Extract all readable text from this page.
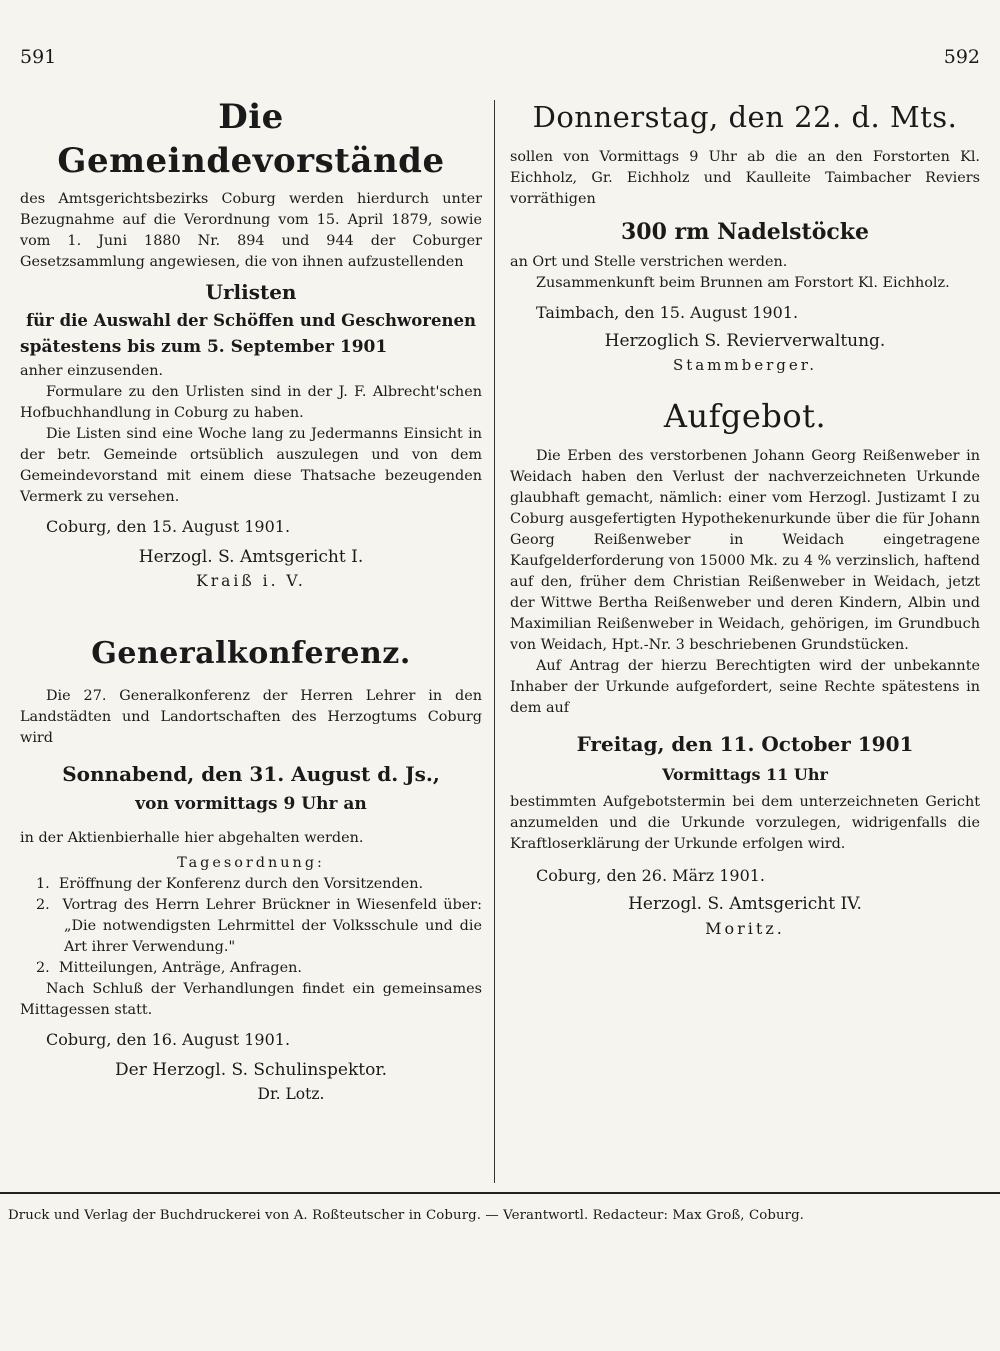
591	592

Die Gemeindevorstände

des Amtsgerichtsbezirks Coburg werden hierdurch unter Bezugnahme auf die Verordnung vom 15. April 1879, sowie vom 1. Juni 1880 Nr. 894 und 944 der Coburger Gesetzsammlung angewiesen, die von ihnen aufzustellenden

Urlisten

für die Auswahl der Schöffen und Geschworenen

spätestens bis zum 5. September 1901

anher einzusenden.

Formulare zu den Urlisten sind in der J. F. Albrecht'schen Hofbuchhandlung in Coburg zu haben.

Die Listen sind eine Woche lang zu Jedermanns Einsicht in der betr. Gemeinde ortsüblich auszulegen und von dem Gemeindevorstand mit einem diese Thatsache bezeugenden Vermerk zu versehen.

Coburg, den 15. August 1901.

Herzogl. S. Amtsgericht I.

Kraiß i. V.

Generalkonferenz.

Die 27. Generalkonferenz der Herren Lehrer in den Landstädten und Landortschaften des Herzogtums Coburg wird

Sonnabend, den 31. August d. Js.,

von vormittags 9 Uhr an

in der Aktienbierhalle hier abgehalten werden.

Tagesordnung:

1. Eröffnung der Konferenz durch den Vorsitzenden.

2. Vortrag des Herrn Lehrer Brückner in Wiesenfeld über: „Die notwendigsten Lehrmittel der Volksschule und die Art ihrer Verwendung."

2. Mitteilungen, Anträge, Anfragen.

Nach Schluß der Verhandlungen findet ein gemeinsames Mittagessen statt.

Coburg, den 16. August 1901.

Der Herzogl. S. Schulinspektor.

Dr. Lotz.

Donnerstag, den 22. d. Mts.

sollen von Vormittags 9 Uhr ab die an den Forstorten Kl. Eichholz, Gr. Eichholz und Kaulleite Taimbacher Reviers vorräthigen

300 rm Nadelstöcke

an Ort und Stelle verstrichen werden.

Zusammenkunft beim Brunnen am Forstort Kl. Eichholz.

Taimbach, den 15. August 1901.

Herzoglich S. Revierverwaltung.

Stammberger.

Aufgebot.

Die Erben des verstorbenen Johann Georg Reißenweber in Weidach haben den Verlust der nachverzeichneten Urkunde glaubhaft gemacht, nämlich: einer vom Herzogl. Justizamt I zu Coburg ausgefertigten Hypothekenurkunde über die für Johann Georg Reißenweber in Weidach eingetragene Kaufgelderforderung von 15000 Mk. zu 4 % verzinslich, haftend auf den, früher dem Christian Reißenweber in Weidach, jetzt der Wittwe Bertha Reißenweber und deren Kindern, Albin und Maximilian Reißenweber in Weidach, gehörigen, im Grundbuch von Weidach, Hpt.-Nr. 3 beschriebenen Grundstücken.

Auf Antrag der hierzu Berechtigten wird der unbekannte Inhaber der Urkunde aufgefordert, seine Rechte spätestens in dem auf

Freitag, den 11. October 1901

Vormittags 11 Uhr

bestimmten Aufgebotstermin bei dem unterzeichneten Gericht anzumelden und die Urkunde vorzulegen, widrigenfalls die Kraftloserklärung der Urkunde erfolgen wird.

Coburg, den 26. März 1901.

Herzogl. S. Amtsgericht IV.

Moritz.

Druck und Verlag der Buchdruckerei von A. Roßteutscher in Coburg. — Verantwortl. Redacteur: Max Groß, Coburg.
